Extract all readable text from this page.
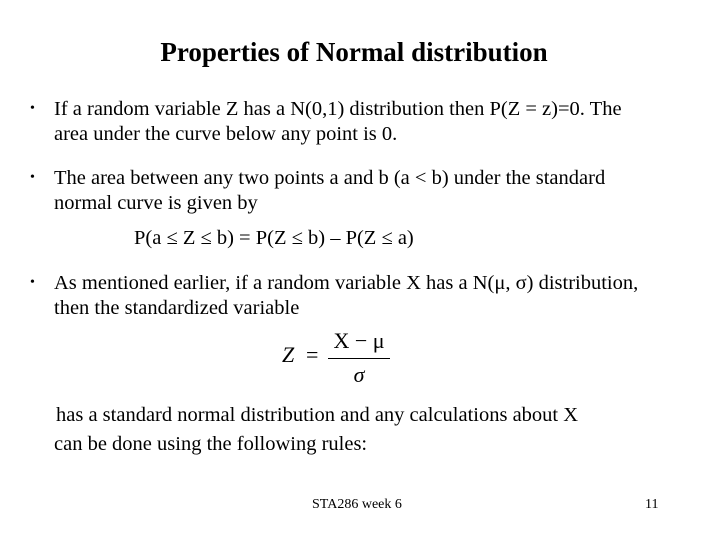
Properties of Normal distribution
• If a random variable Z has a N(0,1) distribution then P(Z = z)=0. The
area under the curve below any point is 0.
• The area between any two points a and b (a < b) under the standard
normal curve is given by
P(a ≤ Z ≤ b) = P(Z ≤ b) – P(Z ≤ a)
• As mentioned earlier, if a random variable X has a N(μ, σ) distribution,
then the standardized variable
Z =
X − μ
σ
has a standard normal distribution and any calculations about X
can be done using the following rules:
STA286 week 6	11
